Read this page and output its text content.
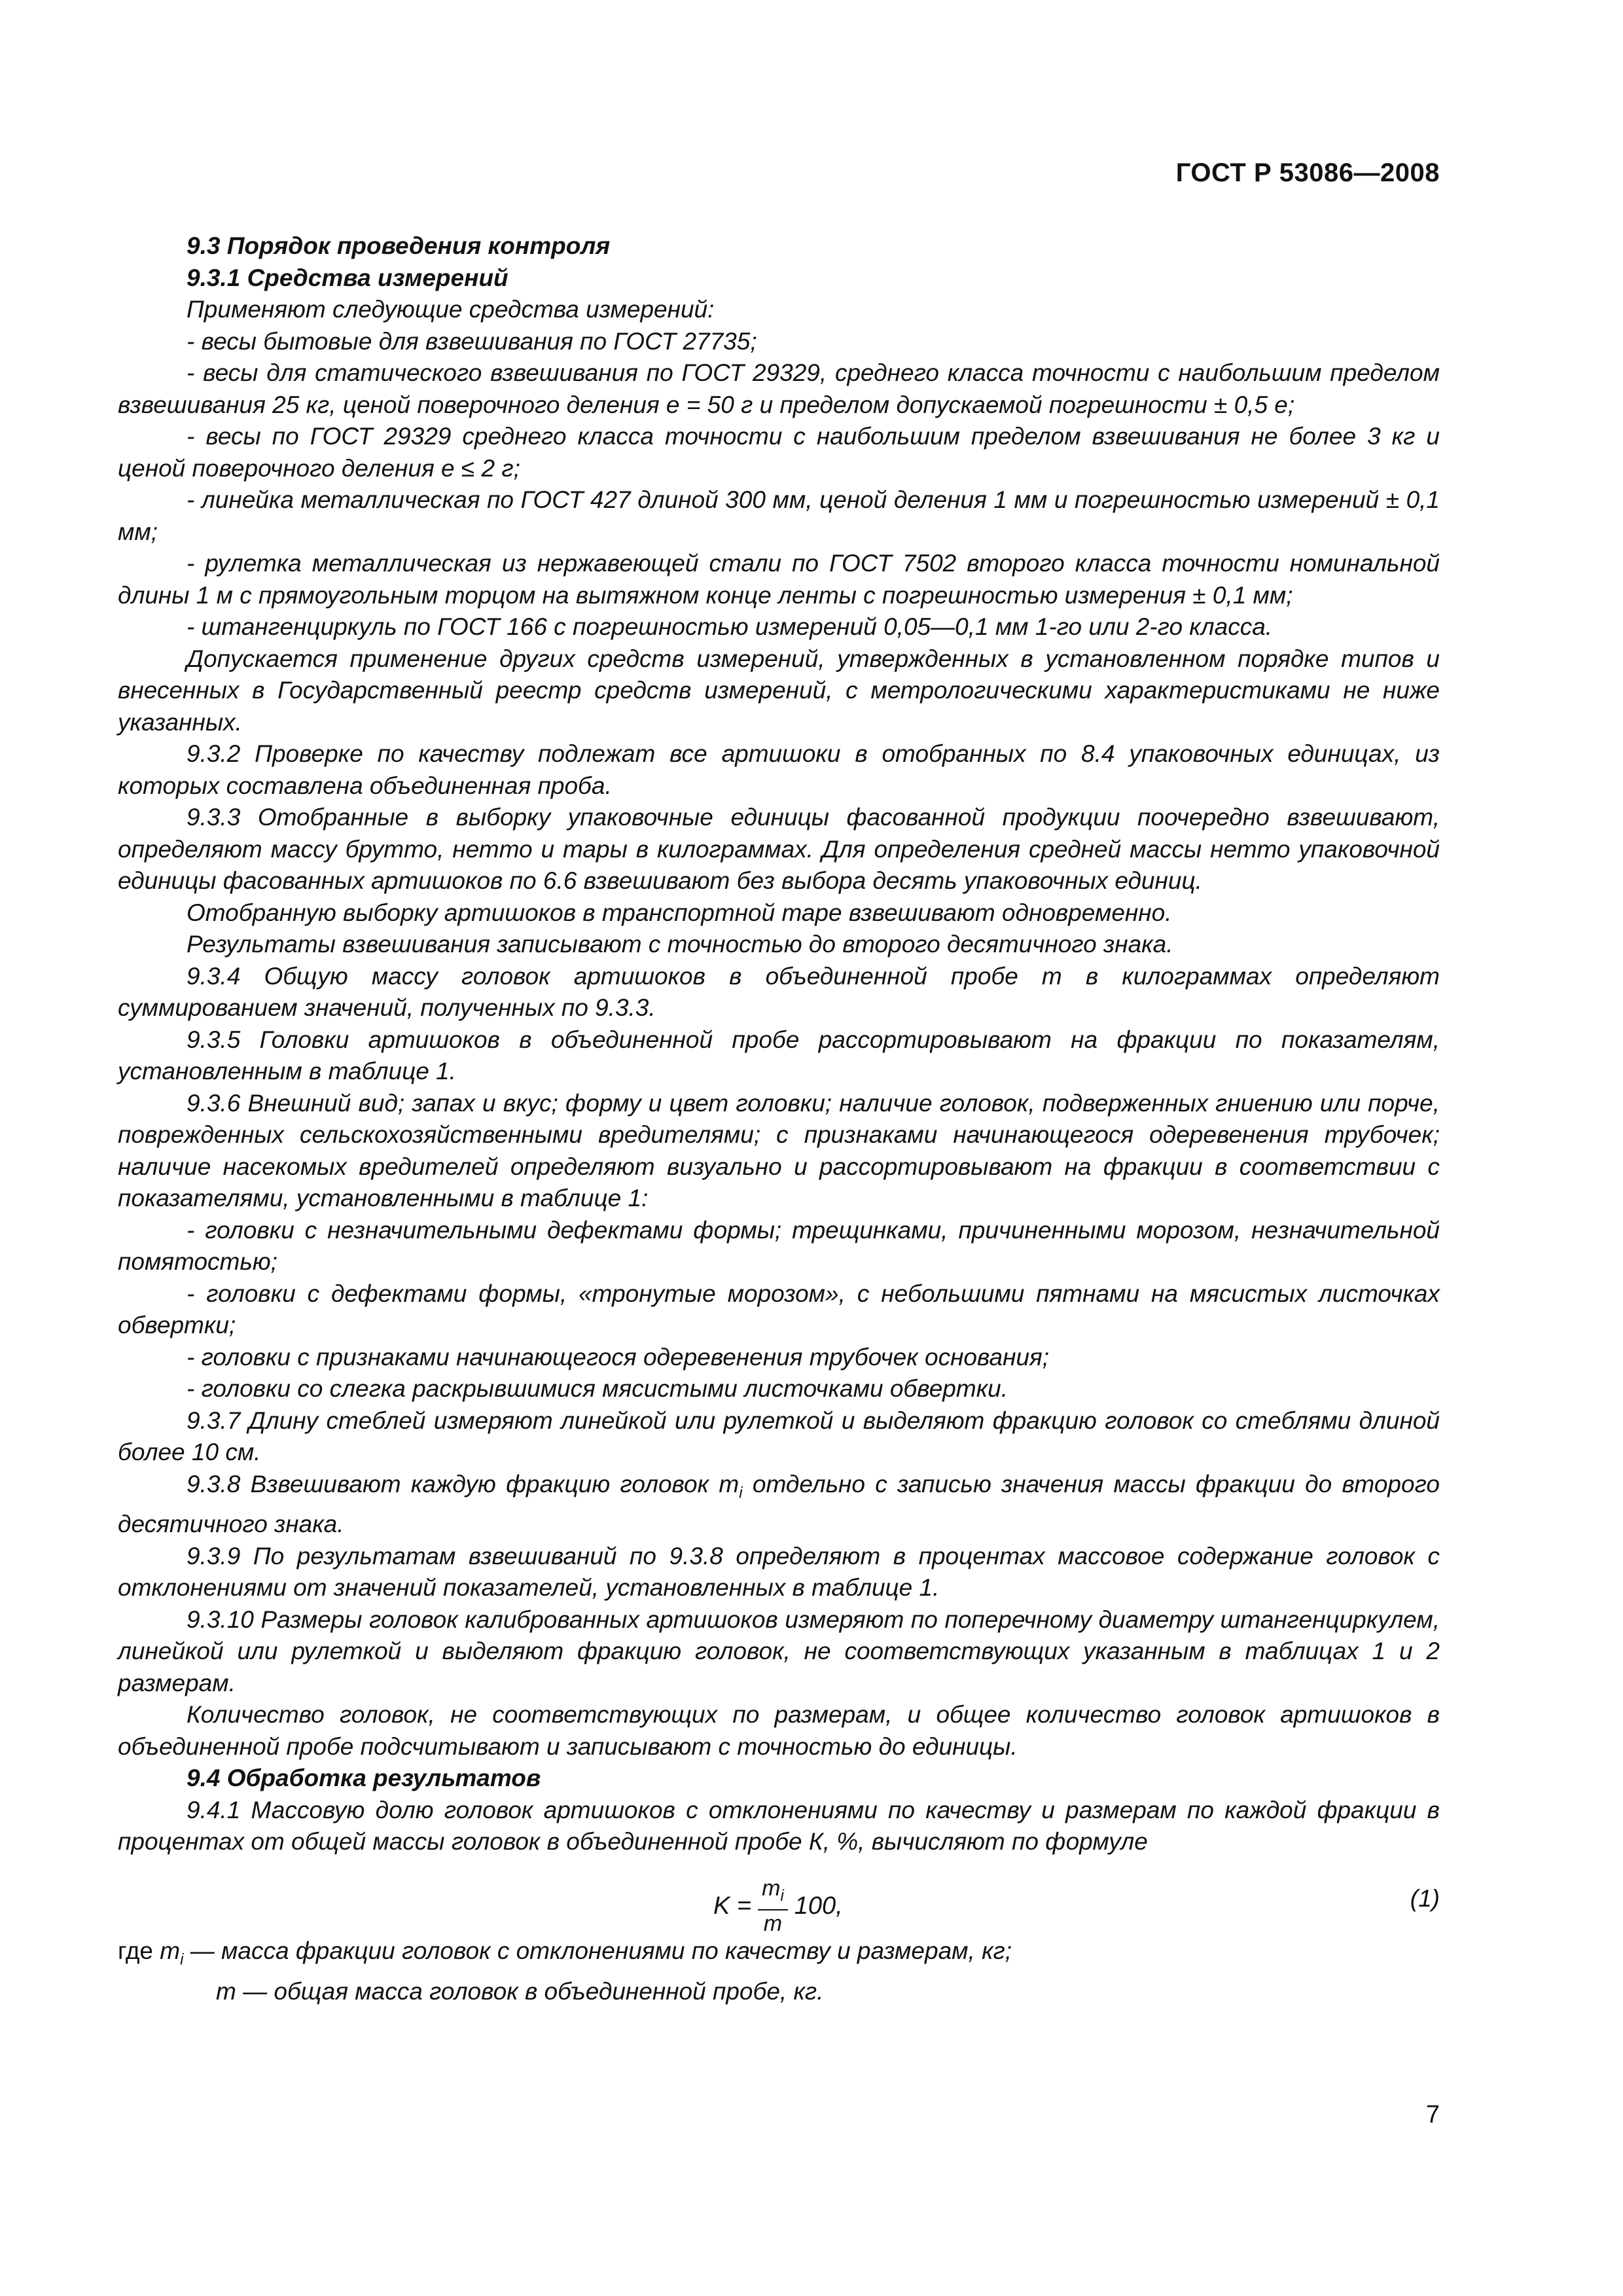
ГОСТ Р 53086—2008

9.3 Порядок проведения контроля

9.3.1 Средства измерений

Применяют следующие средства измерений:

- весы бытовые для взвешивания по ГОСТ 27735;

- весы для статического взвешивания по ГОСТ 29329, среднего класса точности с наибольшим пределом взвешивания 25 кг, ценой поверочного деления е = 50 г и пределом допускаемой погрешности ± 0,5 е;

- весы по ГОСТ 29329 среднего класса точности с наибольшим пределом взвешивания не более 3 кг и ценой поверочного деления е ≤ 2 г;

- линейка металлическая по ГОСТ 427 длиной 300 мм, ценой деления 1 мм и погрешностью измерений ± 0,1 мм;

- рулетка металлическая из нержавеющей стали по ГОСТ 7502 второго класса точности номинальной длины 1 м с прямоугольным торцом на вытяжном конце ленты с погрешностью измерения ± 0,1 мм;

- штангенциркуль по ГОСТ 166 с погрешностью измерений 0,05—0,1 мм 1-го или 2-го класса.

Допускается применение других средств измерений, утвержденных в установленном порядке типов и внесенных в Государственный реестр средств измерений, с метрологическими характеристиками не ниже указанных.

9.3.2 Проверке по качеству подлежат все артишоки в отобранных по 8.4 упаковочных единицах, из которых составлена объединенная проба.

9.3.3 Отобранные в выборку упаковочные единицы фасованной продукции поочередно взвешивают, определяют массу брутто, нетто и тары в килограммах. Для определения средней массы нетто упаковочной единицы фасованных артишоков по 6.6 взвешивают без выбора десять упаковочных единиц.

Отобранную выборку артишоков в транспортной таре взвешивают одновременно.

Результаты взвешивания записывают с точностью до второго десятичного знака.

9.3.4 Общую массу головок артишоков в объединенной пробе m в килограммах определяют суммированием значений, полученных по 9.3.3.

9.3.5 Головки артишоков в объединенной пробе рассортировывают на фракции по показателям, установленным в таблице 1.

9.3.6 Внешний вид; запах и вкус; форму и цвет головки; наличие головок, подверженных гниению или порче, поврежденных сельскохозяйственными вредителями; с признаками начинающегося одеревенения трубочек; наличие насекомых вредителей определяют визуально и рассортировывают на фракции в соответствии с показателями, установленными в таблице 1:

- головки с незначительными дефектами формы; трещинками, причиненными морозом, незначительной помятостью;

- головки с дефектами формы, «тронутые морозом», с небольшими пятнами на мясистых листочках обвертки;

- головки с признаками начинающегося одеревенения трубочек основания;

- головки со слегка раскрывшимися мясистыми листочками обвертки.

9.3.7 Длину стеблей измеряют линейкой или рулеткой и выделяют фракцию головок со стеблями длиной более 10 см.

9.3.8 Взвешивают каждую фракцию головок $m_i$ отдельно с записью значения массы фракции до второго десятичного знака.

9.3.9 По результатам взвешиваний по 9.3.8 определяют в процентах массовое содержание головок с отклонениями от значений показателей, установленных в таблице 1.

9.3.10 Размеры головок калиброванных артишоков измеряют по поперечному диаметру штангенциркулем, линейкой или рулеткой и выделяют фракцию головок, не соответствующих указанным в таблицах 1 и 2 размерам.

Количество головок, не соответствующих по размерам, и общее количество головок артишоков в объединенной пробе подсчитывают и записывают с точностью до единицы.

9.4 Обработка результатов

9.4.1 Массовую долю головок артишоков с отклонениями по качеству и размерам по каждой фракции в процентах от общей массы головок в объединенной пробе К, %, вычисляют по формуле

$K = \frac{m_i}{m} 100$,	(1)

где $m_i$ — масса фракции головок с отклонениями по качеству и размерам, кг;

m — общая масса головок в объединенной пробе, кг.

7
